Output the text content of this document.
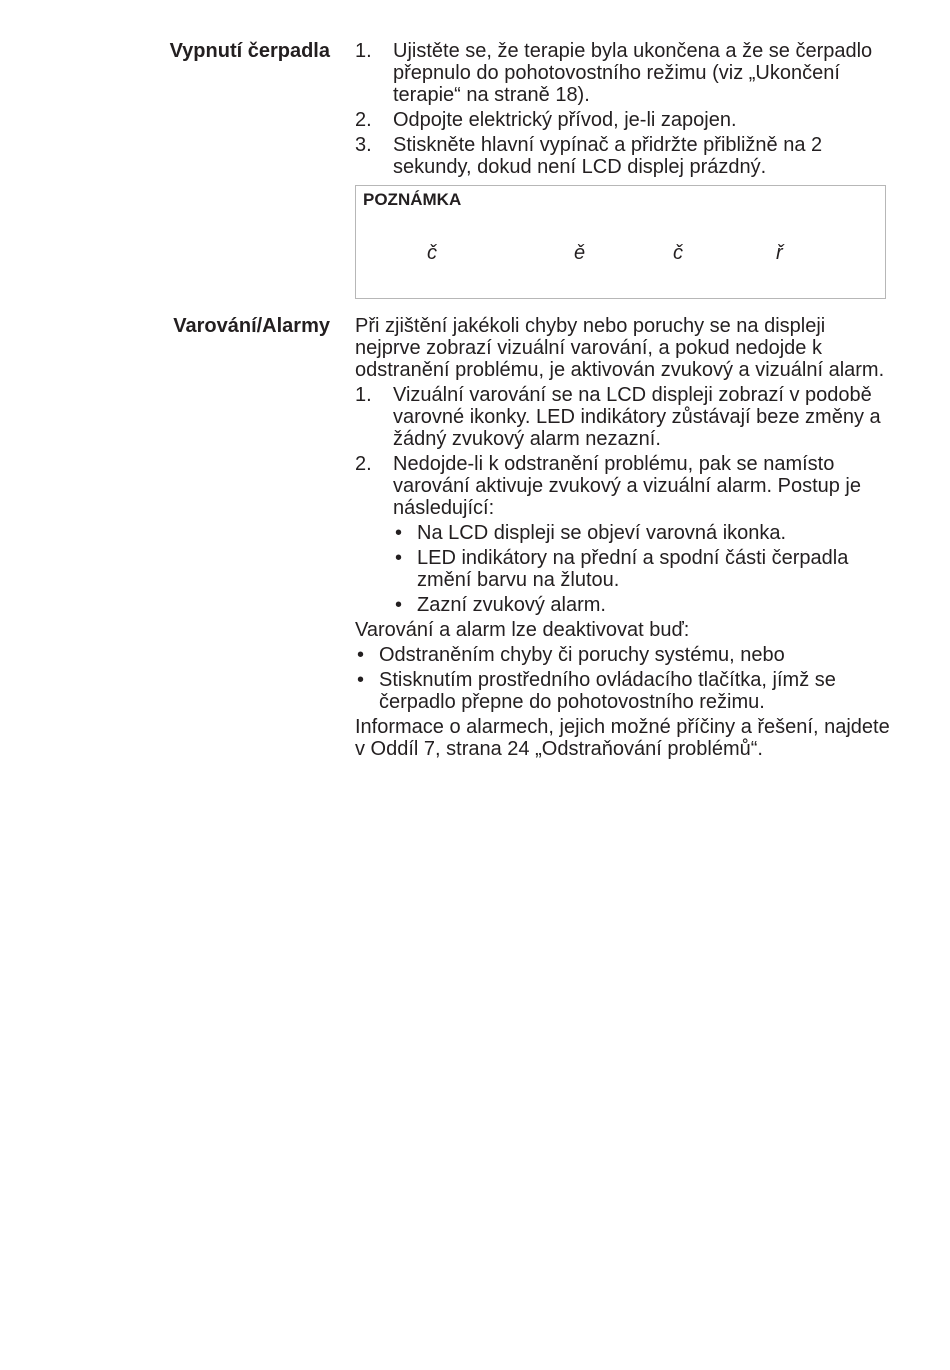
Vypnutí čerpadla 1. Ujistěte se, že terapie byla ukončena a že se čerpadlo přepnulo do pohotovostního režimu (viz „Ukončení terapie“ na straně 18).
2. Odpojte elektrický přívod, je-li zapojen.
3. Stiskněte hlavní vypínač a přidržte přibližně na 2 sekundy, dokud není LCD displej prázdný.
POZNÁMKA
č	ě	č	ř
Varování/Alarmy Při zjištění jakékoli chyby nebo poruchy se na displeji nejprve zobrazí vizuální varování, a pokud nedojde k odstranění problému, je aktivován zvukový a vizuální alarm.

1. Vizuální varování se na LCD displeji zobrazí v podobě varovné ikonky. LED indikátory zůstávají beze změny a žádný zvukový alarm nezazní.
2. Nedojde-li k odstranění problému, pak se namísto varování aktivuje zvukový a vizuální alarm. Postup je následující:
• Na LCD displeji se objeví varovná ikonka.
• LED indikátory na přední a spodní části čerpadla změní barvu na žlutou.
• Zazní zvukový alarm.

Varování a alarm lze deaktivovat buď:

• Odstraněním chyby či poruchy systému, nebo
• Stisknutím prostředního ovládacího tlačítka, jímž se čerpadlo přepne do pohotovostního režimu.

Informace o alarmech, jejich možné příčiny a řešení, najdete v Oddíl 7, strana 24 „Odstraňování problémů“.
